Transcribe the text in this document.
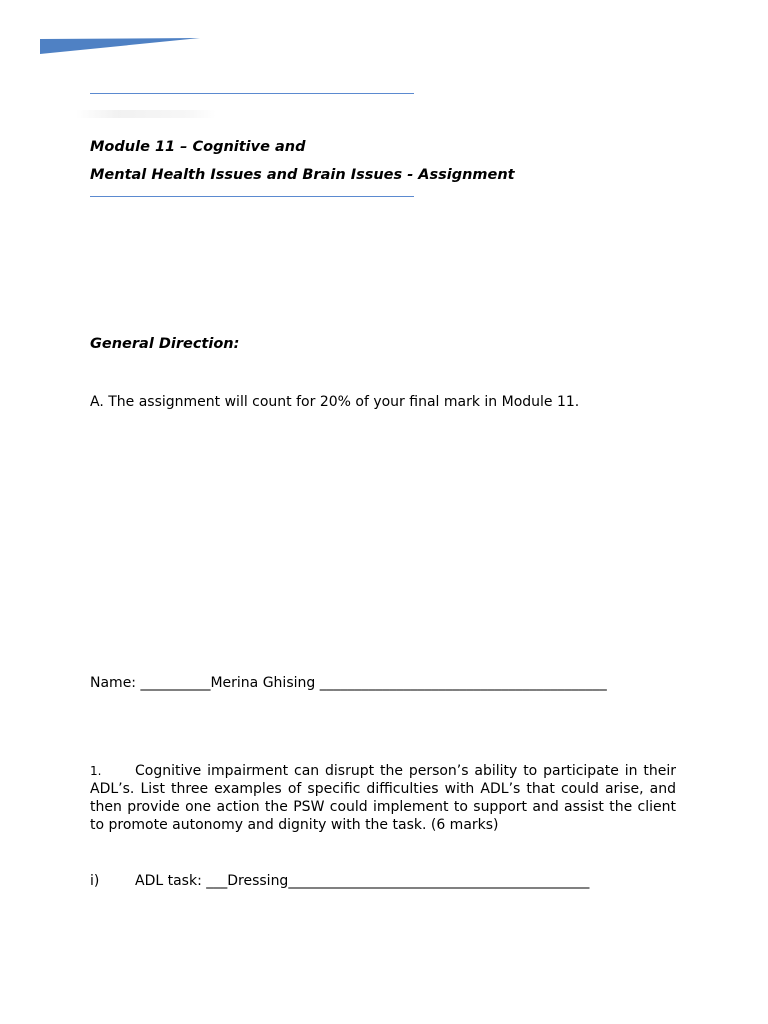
Module 11 – Cognitive and
Mental Health Issues and Brain Issues - Assignment
General Direction:
A. The assignment will count for 20% of your final mark in Module 11.
Name: __________Merina Ghising _________________________________________
1. Cognitive impairment can disrupt the person’s ability to participate in their ADL’s. List three examples of specific difficulties with ADL’s that could arise, and then provide one action the PSW could implement to support and assist the client to promote autonomy and dignity with the task. (6 marks)
i)	ADL task: ___Dressing___________________________________________
